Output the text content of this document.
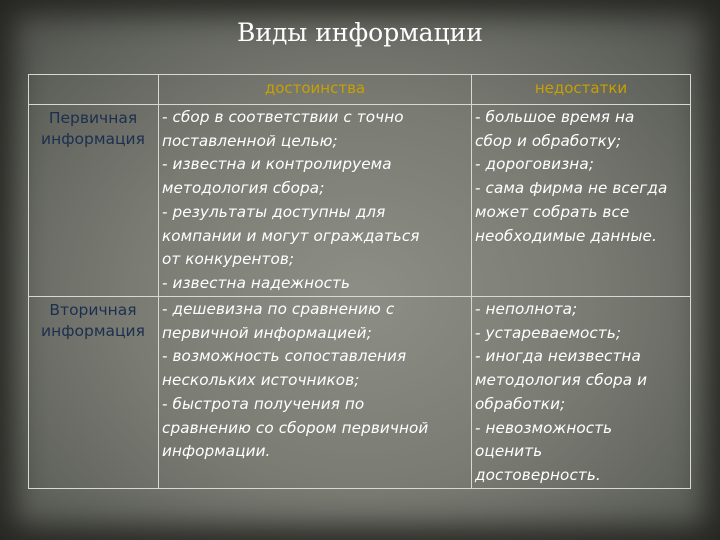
Виды информации
достоинства	недостатки
Первичная
информация
- сбор в соответствии с точно
поставленной целью;
- известна и контролируема
методология сбора;
- результаты доступны для
компании и могут ограждаться
от конкурентов;
- известна надежность
- большое время на
сбор и обработку;
- дороговизна;
- сама фирма не всегда
может собрать все
необходимые данные.
Вторичная
информация
- дешевизна по сравнению с
первичной информацией;
- возможность сопоставления
нескольких источников;
- быстрота получения по
сравнению со сбором первичной
информации.
- неполнота;
- устареваемость;
- иногда неизвестна
методология сбора и
обработки;
- невозможность
оценить
достоверность.
